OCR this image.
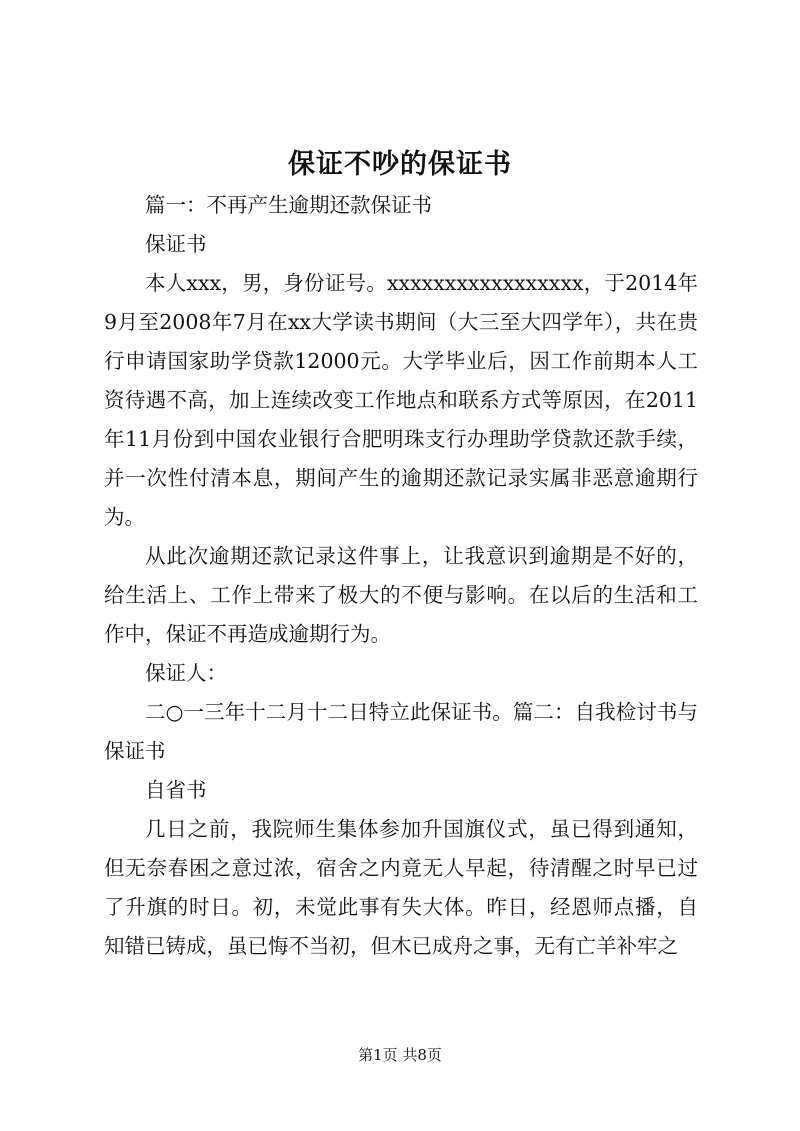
保证不吵的保证书

篇一：不再产生逾期还款保证书

保证书

本人xxx，男，身份证号。xxxxxxxxxxxxxxxxx，于2014年9月至2008年7月在xx大学读书期间（大三至大四学年），共在贵行申请国家助学贷款12000元。大学毕业后，因工作前期本人工资待遇不高，加上连续改变工作地点和联系方式等原因，在2011年11月份到中国农业银行合肥明珠支行办理助学贷款还款手续，并一次性付清本息，期间产生的逾期还款记录实属非恶意逾期行为。

从此次逾期还款记录这件事上，让我意识到逾期是不好的，给生活上、工作上带来了极大的不便与影响。在以后的生活和工作中，保证不再造成逾期行为。

保证人：

二○一三年十二月十二日特立此保证书。篇二：自我检讨书与保证书

自省书

几日之前，我院师生集体参加升国旗仪式，虽已得到通知，但无奈春困之意过浓，宿舍之内竟无人早起，待清醒之时早已过了升旗的时日。初，未觉此事有失大体。昨日，经恩师点播，自知错已铸成，虽已悔不当初，但木已成舟之事，无有亡羊补牢之

第1页 共8页
